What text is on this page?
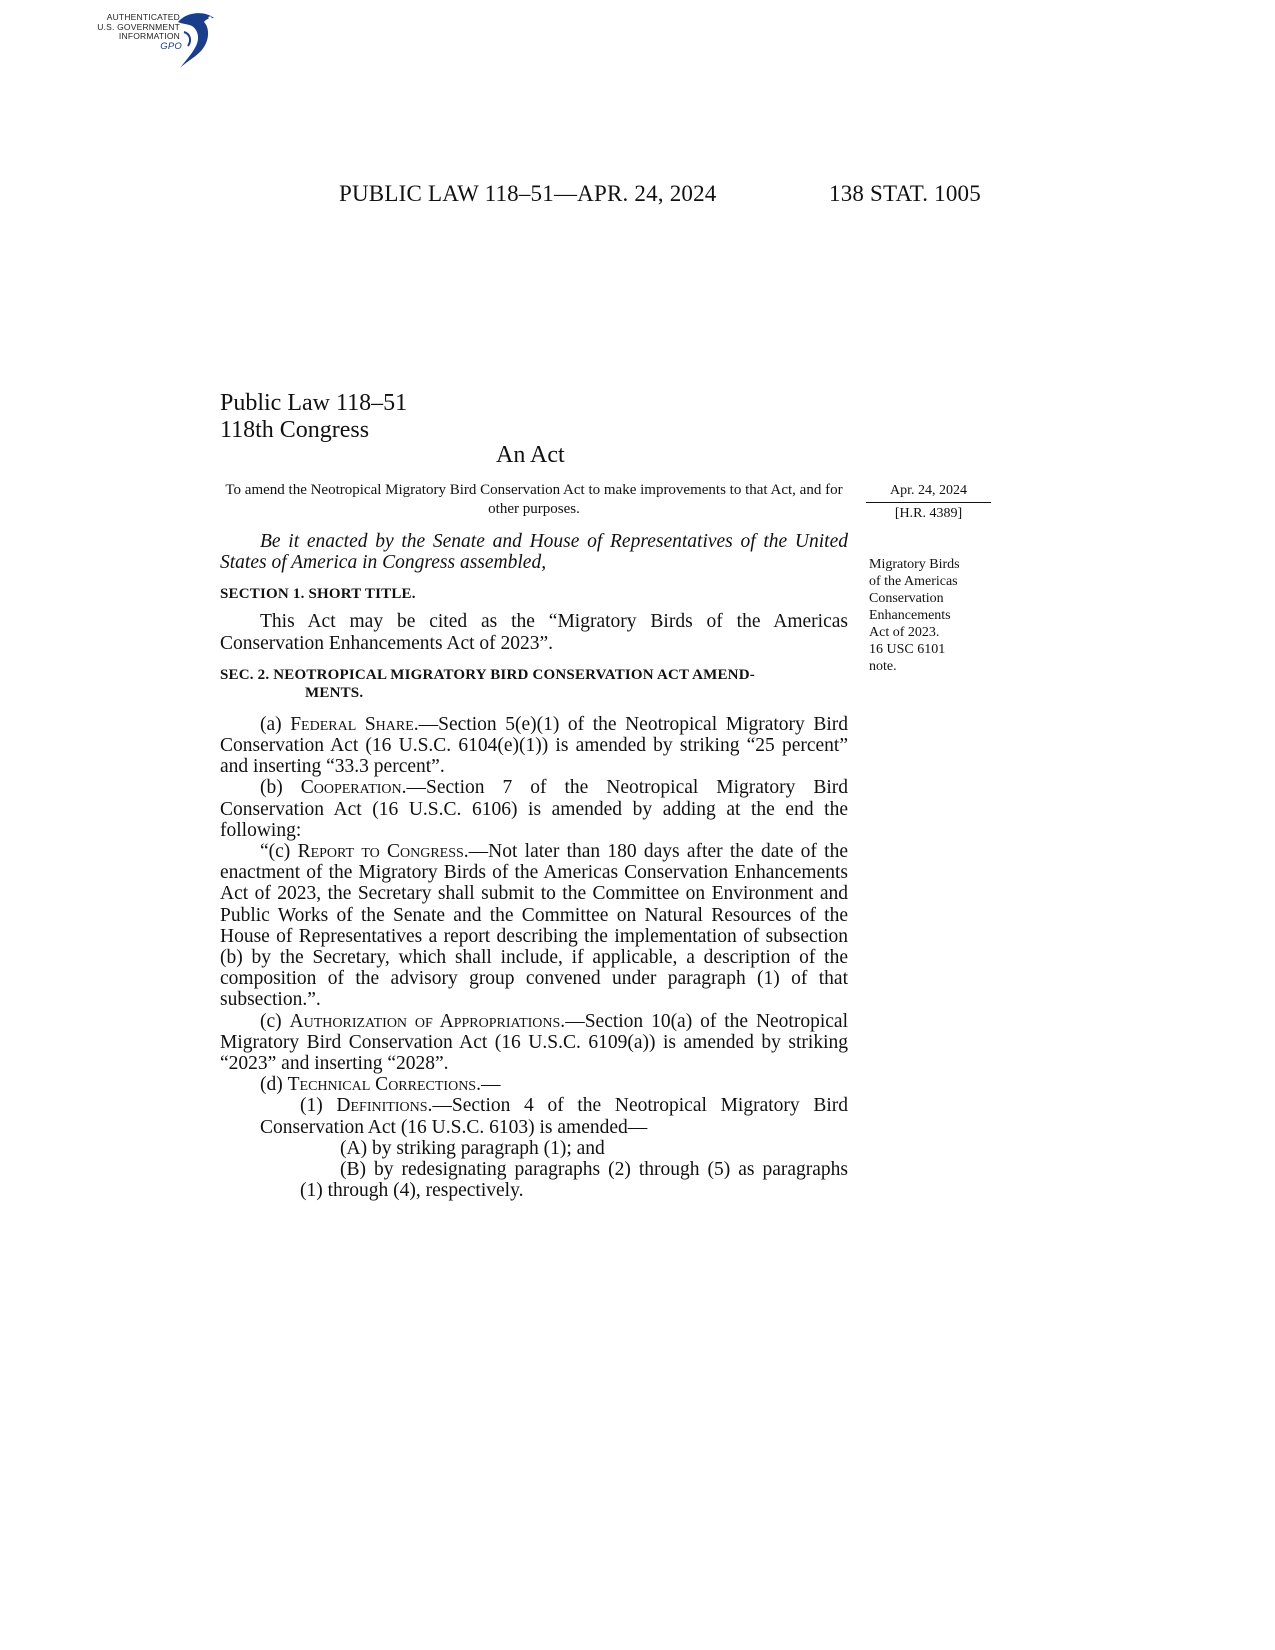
AUTHENTICATED
U.S. GOVERNMENT
INFORMATION
GPO
PUBLIC LAW 118–51—APR. 24, 2024	138 STAT. 1005
Public Law 118–51
118th Congress
An Act
To amend the Neotropical Migratory Bird Conservation Act to make improvements to that Act, and for other purposes.
Apr. 24, 2024
[H.R. 4389]
Migratory Birds
of the Americas
Conservation
Enhancements
Act of 2023.
16 USC 6101
note.

Be it enacted by the Senate and House of Representatives of the United States of America in Congress assembled,

SECTION 1. SHORT TITLE.

This Act may be cited as the “Migratory Birds of the Americas Conservation Enhancements Act of 2023”.

SEC. 2. NEOTROPICAL MIGRATORY BIRD CONSERVATION ACT AMEND-
MENTS.

(a) Federal Share.—Section 5(e)(1) of the Neotropical Migratory Bird Conservation Act (16 U.S.C. 6104(e)(1)) is amended by striking “25 percent” and inserting “33.3 percent”.

(b) Cooperation.—Section 7 of the Neotropical Migratory Bird Conservation Act (16 U.S.C. 6106) is amended by adding at the end the following:

“(c) Report to Congress.—Not later than 180 days after the date of the enactment of the Migratory Birds of the Americas Conservation Enhancements Act of 2023, the Secretary shall submit to the Committee on Environment and Public Works of the Senate and the Committee on Natural Resources of the House of Representatives a report describing the implementation of subsection (b) by the Secretary, which shall include, if applicable, a description of the composition of the advisory group convened under paragraph (1) of that subsection.”.

(c) Authorization of Appropriations.—Section 10(a) of the Neotropical Migratory Bird Conservation Act (16 U.S.C. 6109(a)) is amended by striking “2023” and inserting “2028”.

(d) Technical Corrections.—

(1) Definitions.—Section 4 of the Neotropical Migratory Bird Conservation Act (16 U.S.C. 6103) is amended—

(A) by striking paragraph (1); and

(B) by redesignating paragraphs (2) through (5) as paragraphs (1) through (4), respectively.
